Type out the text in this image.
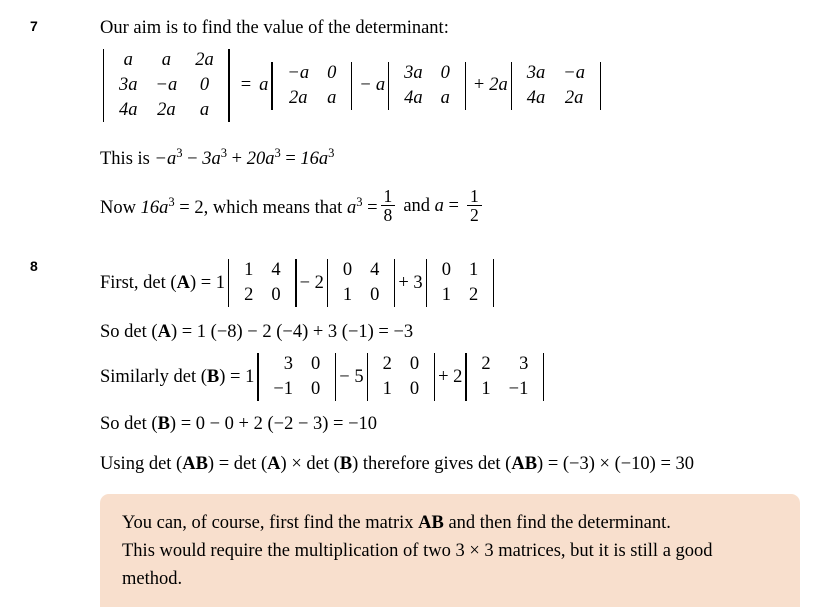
7	Our aim is to find the value of the determinant:
a	a	2a
3a	−a	0
4a	2a	a
= a
−a	0
2a	a
− a
3a	0
4a	a
+ 2a
3a	−a
4a	2a
This is $-a^3 - 3a^3 + 20a^3 = 16a^3$
Now $16a^3 = 2$, which means that $a^3 = \frac{1}{8}$ and $a = \frac{1}{2}$
8
First, det (A) = 1
1	4
2	0
− 2
0	4
1	0
+ 3
0	1
1	2
So det (A) = 1 (−8) − 2 (−4) + 3 (−1) = −3
Similarly det (B) = 1
3	0
−1	0
− 5
2	0
1	0
+ 2
2	3
1	−1
So det (B) = 0 − 0 + 2 (−2 − 3) = −10
Using det (AB) = det (A) × det (B) therefore gives det (AB) = (−3) × (−10) = 30
You can, of course, first find the matrix AB and then find the determinant.
This would require the multiplication of two 3 × 3 matrices, but it is still a good
method.
